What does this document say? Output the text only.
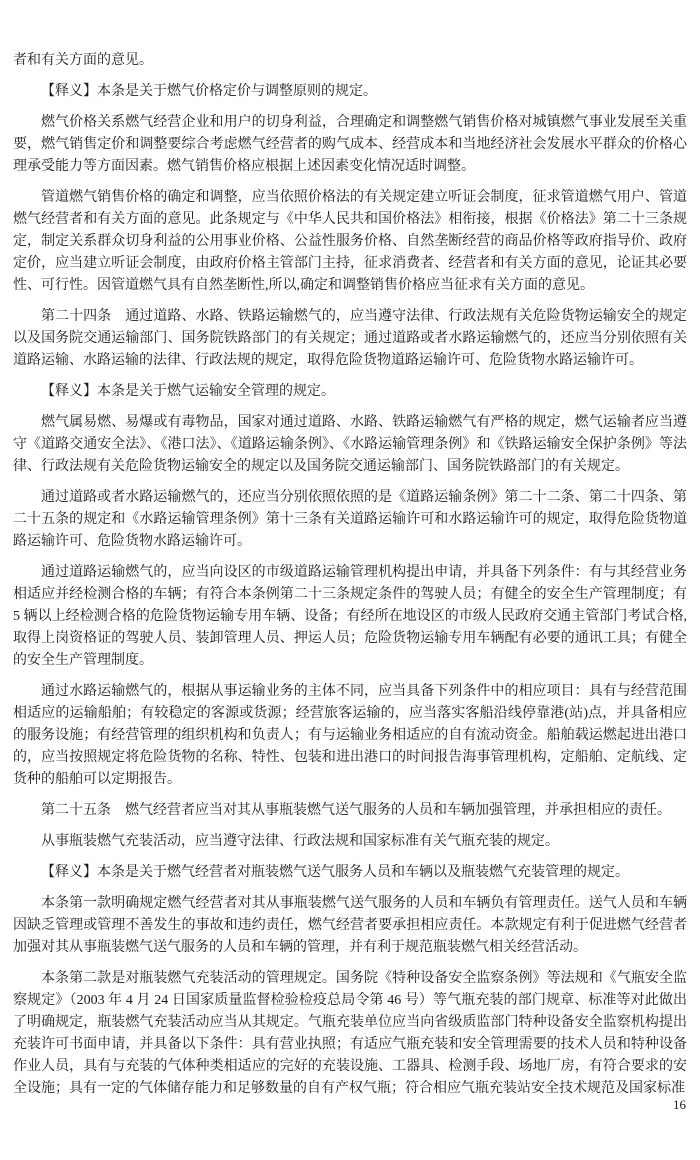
者和有关方面的意见。

【释义】本条是关于燃气价格定价与调整原则的规定。

燃气价格关系燃气经营企业和用户的切身利益，合理确定和调整燃气销售价格对城镇燃气事业发展至关重要，燃气销售定价和调整要综合考虑燃气经营者的购气成本、经营成本和当地经济社会发展水平群众的价格心理承受能力等方面因素。燃气销售价格应根据上述因素变化情况适时调整。

管道燃气销售价格的确定和调整，应当依照价格法的有关规定建立听证会制度，征求管道燃气用户、管道燃气经营者和有关方面的意见。此条规定与《中华人民共和国价格法》相衔接，根据《价格法》第二十三条规定，制定关系群众切身利益的公用事业价格、公益性服务价格、自然垄断经营的商品价格等政府指导价、政府定价，应当建立听证会制度，由政府价格主管部门主持，征求消费者、经营者和有关方面的意见，论证其必要性、可行性。因管道燃气具有自然垄断性,所以,确定和调整销售价格应当征求有关方面的意见。

第二十四条　通过道路、水路、铁路运输燃气的，应当遵守法律、行政法规有关危险货物运输安全的规定以及国务院交通运输部门、国务院铁路部门的有关规定；通过道路或者水路运输燃气的，还应当分别依照有关道路运输、水路运输的法律、行政法规的规定，取得危险货物道路运输许可、危险货物水路运输许可。

【释义】本条是关于燃气运输安全管理的规定。

燃气属易燃、易爆或有毒物品，国家对通过道路、水路、铁路运输燃气有严格的规定，燃气运输者应当遵守《道路交通安全法》、《港口法》、《道路运输条例》、《水路运输管理条例》和《铁路运输安全保护条例》等法律、行政法规有关危险货物运输安全的规定以及国务院交通运输部门、国务院铁路部门的有关规定。

通过道路或者水路运输燃气的，还应当分别依照依照的是《道路运输条例》第二十二条、第二十四条、第二十五条的规定和《水路运输管理条例》第十三条有关道路运输许可和水路运输许可的规定，取得危险货物道路运输许可、危险货物水路运输许可。

通过道路运输燃气的，应当向设区的市级道路运输管理机构提出申请，并具备下列条件：有与其经营业务相适应并经检测合格的车辆；有符合本条例第二十三条规定条件的驾驶人员；有健全的安全生产管理制度；有5 辆以上经检测合格的危险货物运输专用车辆、设备；有经所在地设区的市级人民政府交通主管部门考试合格,取得上岗资格证的驾驶人员、装卸管理人员、押运人员；危险货物运输专用车辆配有必要的通讯工具；有健全的安全生产管理制度。

通过水路运输燃气的，根据从事运输业务的主体不同，应当具备下列条件中的相应项目：具有与经营范围相适应的运输船舶；有较稳定的客源或货源；经营旅客运输的，应当落实客船沿线停靠港(站)点，并具备相应的服务设施；有经营管理的组织机构和负责人；有与运输业务相适应的自有流动资金。船舶载运燃起进出港口的，应当按照规定将危险货物的名称、特性、包装和进出港口的时间报告海事管理机构，定船舶、定航线、定货种的船舶可以定期报告。

第二十五条　燃气经营者应当对其从事瓶装燃气送气服务的人员和车辆加强管理，并承担相应的责任。

从事瓶装燃气充装活动，应当遵守法律、行政法规和国家标准有关气瓶充装的规定。

【释义】本条是关于燃气经营者对瓶装燃气送气服务人员和车辆以及瓶装燃气充装管理的规定。

本条第一款明确规定燃气经营者对其从事瓶装燃气送气服务的人员和车辆负有管理责任。送气人员和车辆因缺乏管理或管理不善发生的事故和违约责任，燃气经营者要承担相应责任。本款规定有利于促进燃气经营者加强对其从事瓶装燃气送气服务的人员和车辆的管理，并有利于规范瓶装燃气相关经营活动。

本条第二款是对瓶装燃气充装活动的管理规定。国务院《特种设备安全监察条例》等法规和《气瓶安全监察规定》（2003 年 4 月 24 日国家质量监督检验检疫总局令第 46 号）等气瓶充装的部门规章、标准等对此做出了明确规定，瓶装燃气充装活动应当从其规定。气瓶充装单位应当向省级质监部门特种设备安全监察机构提出充装许可书面申请，并具备以下条件：具有营业执照；有适应气瓶充装和安全管理需要的技术人员和特种设备作业人员，具有与充装的气体种类相适应的完好的充装设施、工器具、检测手段、场地厂房，有符合要求的安全设施；具有一定的气体储存能力和足够数量的自有产权气瓶；符合相应气瓶充装站安全技术规范及国家标准

16
